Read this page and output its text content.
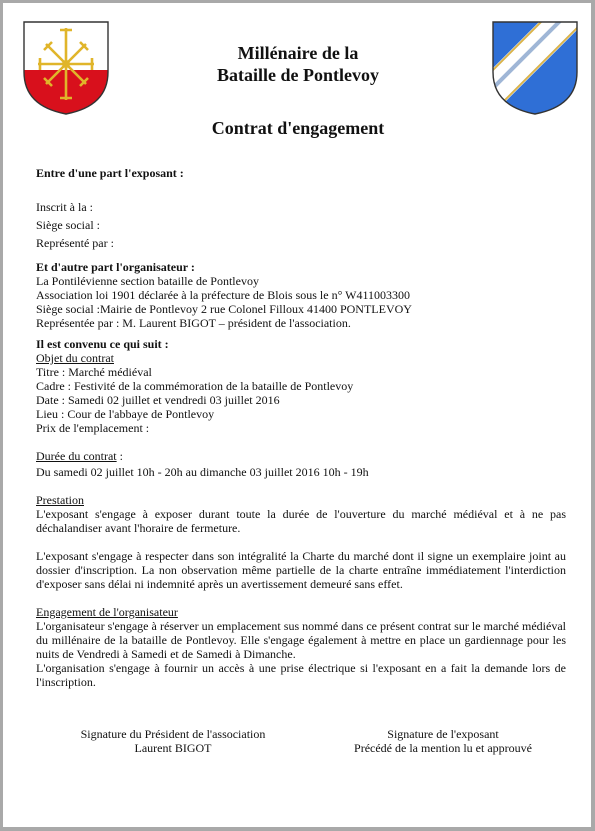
Millénaire de la
Bataille de Pontlevoy
Contrat d'engagement

Entre d'une part l'exposant :

Inscrit à la :

Siège social :

Représenté par :

Et d'autre part l'organisateur :

La Pontilévienne section bataille de Pontlevoy

Association loi 1901 déclarée à la préfecture de Blois sous le n° W411003300

Siège social :Mairie de Pontlevoy 2 rue Colonel Filloux 41400 PONTLEVOY

Représentée par : M. Laurent BIGOT – président de l'association.

Il est convenu ce qui suit :

Objet du contrat

Titre : Marché médiéval

Cadre : Festivité de la commémoration de la bataille de Pontlevoy

Date : Samedi 02 juillet et vendredi 03 juillet 2016

Lieu : Cour de l'abbaye de Pontlevoy

Prix de l'emplacement :

Durée du contrat :

Du samedi 02 juillet 10h - 20h au dimanche 03 juillet 2016 10h - 19h

Prestation

L'exposant s'engage à exposer durant toute la durée de l'ouverture du marché médiéval et à ne pas déchalandiser avant l'horaire de fermeture.

L'exposant s'engage à respecter dans son intégralité la Charte du marché dont il signe un exemplaire joint au dossier d'inscription. La non observation même partielle de la charte entraîne immédiatement l'interdiction d'exposer sans délai ni indemnité après un avertissement demeuré sans effet.

Engagement de l'organisateur

L'organisateur s'engage à réserver un emplacement sus nommé dans ce présent contrat sur le marché médiéval du millénaire de la bataille de Pontlevoy. Elle s'engage également à mettre en place un gardiennage pour les nuits de Vendredi à Samedi et de Samedi à Dimanche.

L'organisation s'engage à fournir un accès à une prise électrique si l'exposant en a fait la demande lors de l'inscription.

Signature du Président de l'association
Laurent BIGOT
Signature de l'exposant
Précédé de la mention lu et approuvé
